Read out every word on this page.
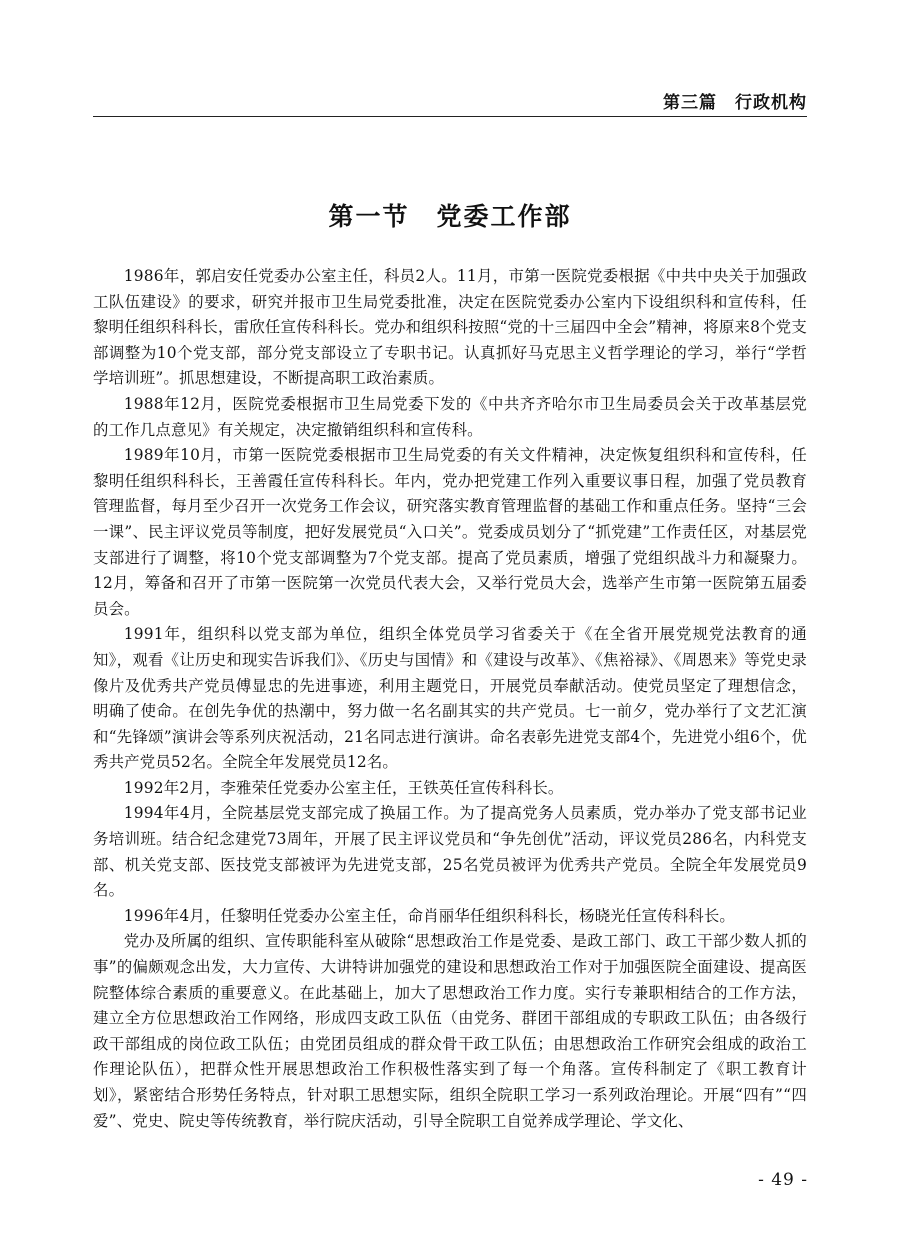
第三篇　行政机构
第一节　党委工作部

1986年，郭启安任党委办公室主任，科员2人。11月，市第一医院党委根据《中共中央关于加强政工队伍建设》的要求，研究并报市卫生局党委批准，决定在医院党委办公室内下设组织科和宣传科，任黎明任组织科科长，雷欣任宣传科科长。党办和组织科按照“党的十三届四中全会”精神，将原来8个党支部调整为10个党支部，部分党支部设立了专职书记。认真抓好马克思主义哲学理论的学习，举行“学哲学培训班”。抓思想建设，不断提高职工政治素质。

1988年12月，医院党委根据市卫生局党委下发的《中共齐齐哈尔市卫生局委员会关于改革基层党的工作几点意见》有关规定，决定撤销组织科和宣传科。

1989年10月，市第一医院党委根据市卫生局党委的有关文件精神，决定恢复组织科和宣传科，任黎明任组织科科长，王善霞任宣传科科长。年内，党办把党建工作列入重要议事日程，加强了党员教育管理监督，每月至少召开一次党务工作会议，研究落实教育管理监督的基础工作和重点任务。坚持“三会一课”、民主评议党员等制度，把好发展党员“入口关”。党委成员划分了“抓党建”工作责任区，对基层党支部进行了调整，将10个党支部调整为7个党支部。提高了党员素质，增强了党组织战斗力和凝聚力。12月，筹备和召开了市第一医院第一次党员代表大会，又举行党员大会，选举产生市第一医院第五届委员会。

1991年，组织科以党支部为单位，组织全体党员学习省委关于《在全省开展党规党法教育的通知》，观看《让历史和现实告诉我们》、《历史与国情》和《建设与改革》、《焦裕禄》、《周恩来》等党史录像片及优秀共产党员傅显忠的先进事迹，利用主题党日，开展党员奉献活动。使党员坚定了理想信念，明确了使命。在创先争优的热潮中，努力做一名名副其实的共产党员。七一前夕，党办举行了文艺汇演和“先锋颂”演讲会等系列庆祝活动，21名同志进行演讲。命名表彰先进党支部4个，先进党小组6个，优秀共产党员52名。全院全年发展党员12名。

1992年2月，李雅荣任党委办公室主任，王铁英任宣传科科长。

1994年4月，全院基层党支部完成了换届工作。为了提高党务人员素质，党办举办了党支部书记业务培训班。结合纪念建党73周年，开展了民主评议党员和“争先创优”活动，评议党员286名，内科党支部、机关党支部、医技党支部被评为先进党支部，25名党员被评为优秀共产党员。全院全年发展党员9名。

1996年4月，任黎明任党委办公室主任，命肖丽华任组织科科长，杨晓光任宣传科科长。

党办及所属的组织、宣传职能科室从破除“思想政治工作是党委、是政工部门、政工干部少数人抓的事”的偏颇观念出发，大力宣传、大讲特讲加强党的建设和思想政治工作对于加强医院全面建设、提高医院整体综合素质的重要意义。在此基础上，加大了思想政治工作力度。实行专兼职相结合的工作方法，建立全方位思想政治工作网络，形成四支政工队伍（由党务、群团干部组成的专职政工队伍；由各级行政干部组成的岗位政工队伍；由党团员组成的群众骨干政工队伍；由思想政治工作研究会组成的政治工作理论队伍），把群众性开展思想政治工作积极性落实到了每一个角落。宣传科制定了《职工教育计划》，紧密结合形势任务特点，针对职工思想实际，组织全院职工学习一系列政治理论。开展“四有”“四爱”、党史、院史等传统教育，举行院庆活动，引导全院职工自觉养成学理论、学文化、

- 49 -
